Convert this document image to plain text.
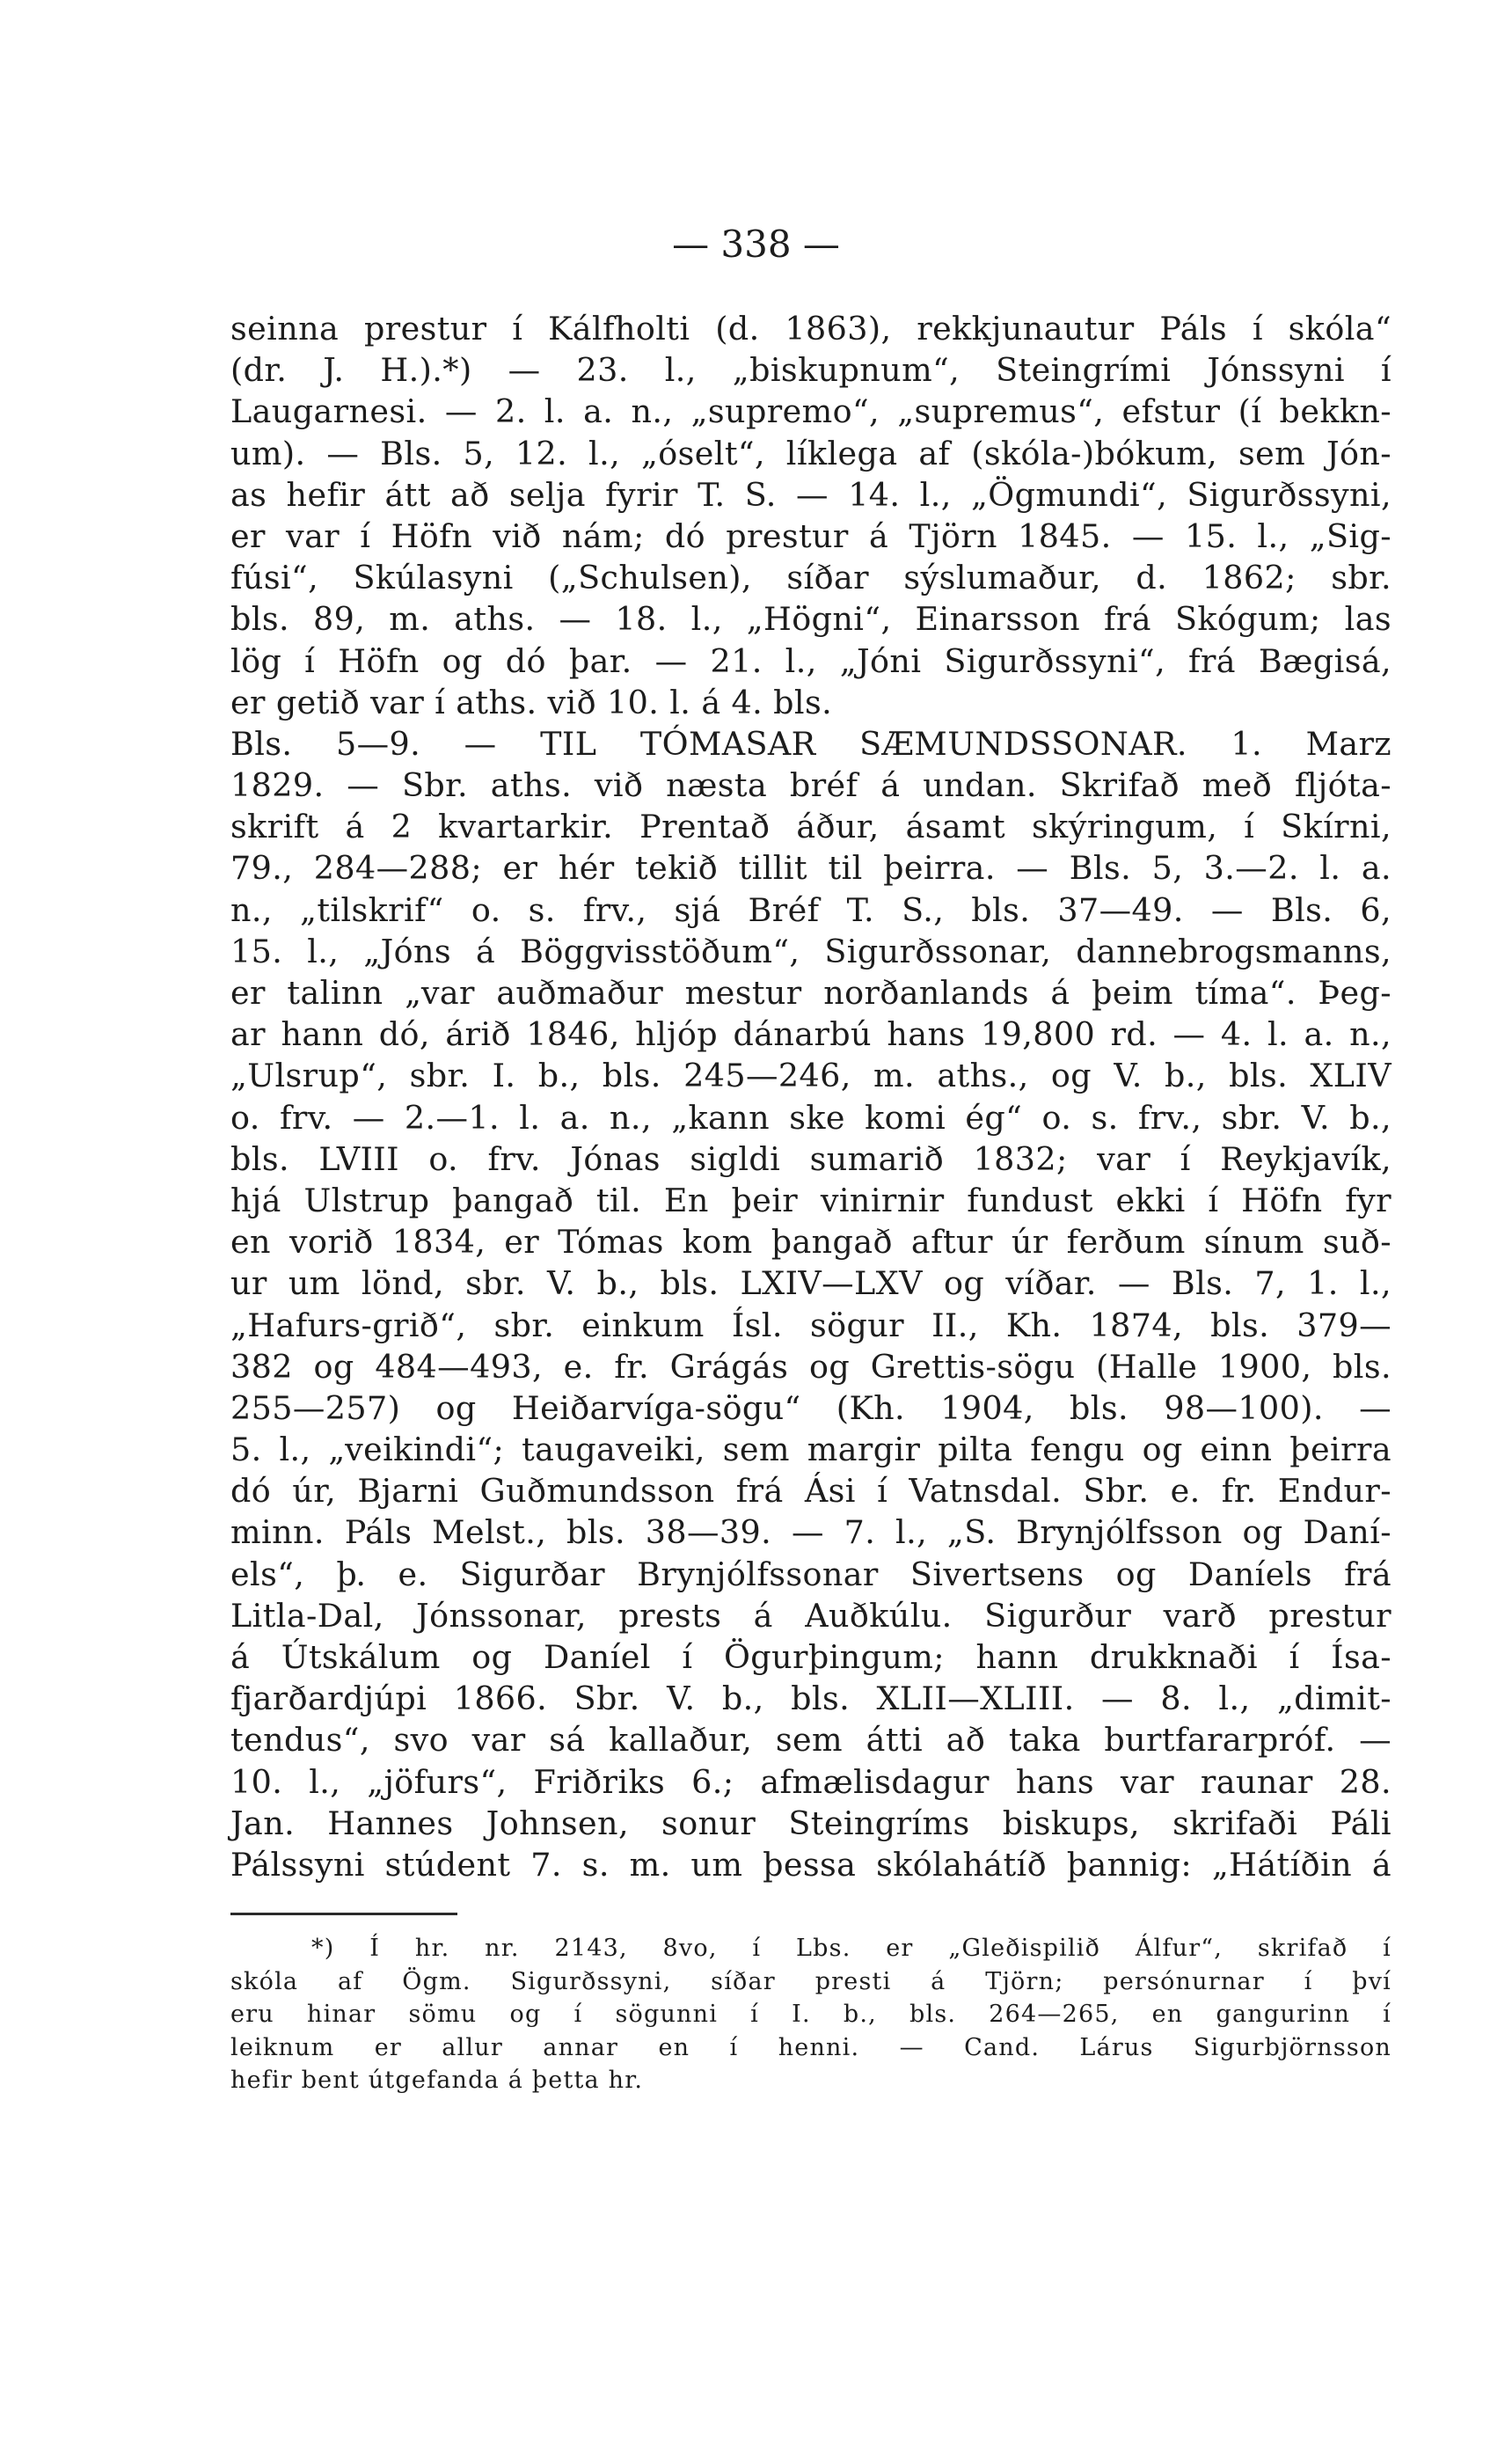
— 338 —
seinna prestur í Kálfholti (d. 1863), rekkjunautur Páls í skóla“
(dr. J. H.).*) — 23. l., „biskupnum“, Steingrími Jónssyni í
Laugarnesi. — 2. l. a. n., „supremo“, „supremus“, efstur (í bekkn-
um). — Bls. 5, 12. l., „óselt“, líklega af (skóla-)bókum, sem Jón-
as hefir átt að selja fyrir T. S. — 14. l., „Ögmundi“, Sigurðssyni,
er var í Höfn við nám; dó prestur á Tjörn 1845. — 15. l., „Sig-
fúsi“, Skúlasyni („Schulsen), síðar sýslumaður, d. 1862; sbr.
bls. 89, m. aths. — 18. l., „Högni“, Einarsson frá Skógum; las
lög í Höfn og dó þar. — 21. l., „Jóni Sigurðssyni“, frá Bægisá,
er getið var í aths. við 10. l. á 4. bls.
Bls. 5—9. — TIL TÓMASAR SÆMUNDSSONAR. 1. Marz
1829. — Sbr. aths. við næsta bréf á undan. Skrifað með fljóta-
skrift á 2 kvartarkir. Prentað áður, ásamt skýringum, í Skírni,
79., 284—288; er hér tekið tillit til þeirra. — Bls. 5, 3.—2. l. a.
n., „tilskrif“ o. s. frv., sjá Bréf T. S., bls. 37—49. — Bls. 6,
15. l., „Jóns á Böggvisstöðum“, Sigurðssonar, dannebrogsmanns,
er talinn „var auðmaður mestur norðanlands á þeim tíma“. Þeg-
ar hann dó, árið 1846, hljóp dánarbú hans 19,800 rd. — 4. l. a. n.,
„Ulsrup“, sbr. I. b., bls. 245—246, m. aths., og V. b., bls. XLIV
o. frv. — 2.—1. l. a. n., „kann ske komi ég“ o. s. frv., sbr. V. b.,
bls. LVIII o. frv. Jónas sigldi sumarið 1832; var í Reykjavík,
hjá Ulstrup þangað til. En þeir vinirnir fundust ekki í Höfn fyr
en vorið 1834, er Tómas kom þangað aftur úr ferðum sínum suð-
ur um lönd, sbr. V. b., bls. LXIV—LXV og víðar. — Bls. 7, 1. l.,
„Hafurs-grið“, sbr. einkum Ísl. sögur II., Kh. 1874, bls. 379—
382 og 484—493, e. fr. Grágás og Grettis-sögu (Halle 1900, bls.
255—257) og Heiðarvíga-sögu“ (Kh. 1904, bls. 98—100). —
5. l., „veikindi“; taugaveiki, sem margir pilta fengu og einn þeirra
dó úr, Bjarni Guðmundsson frá Ási í Vatnsdal. Sbr. e. fr. Endur-
minn. Páls Melst., bls. 38—39. — 7. l., „S. Brynjólfsson og Daní-
els“, þ. e. Sigurðar Brynjólfssonar Sivertsens og Daníels frá
Litla-Dal, Jónssonar, prests á Auðkúlu. Sigurður varð prestur
á Útskálum og Daníel í Ögurþingum; hann drukknaði í Ísa-
fjarðardjúpi 1866. Sbr. V. b., bls. XLII—XLIII. — 8. l., „dimit-
tendus“, svo var sá kallaður, sem átti að taka burtfararpróf. —
10. l., „jöfurs“, Friðriks 6.; afmælisdagur hans var raunar 28.
Jan. Hannes Johnsen, sonur Steingríms biskups, skrifaði Páli
Pálssyni stúdent 7. s. m. um þessa skólahátíð þannig: „Hátíðin á
*) Í hr. nr. 2143, 8vo, í Lbs. er „Gleðispilið Álfur“, skrifað í
skóla af Ögm. Sigurðssyni, síðar presti á Tjörn; persónurnar í því
eru hinar sömu og í sögunni í I. b., bls. 264—265, en gangurinn í
leiknum er allur annar en í henni. — Cand. Lárus Sigurbjörnsson
hefir bent útgefanda á þetta hr.
